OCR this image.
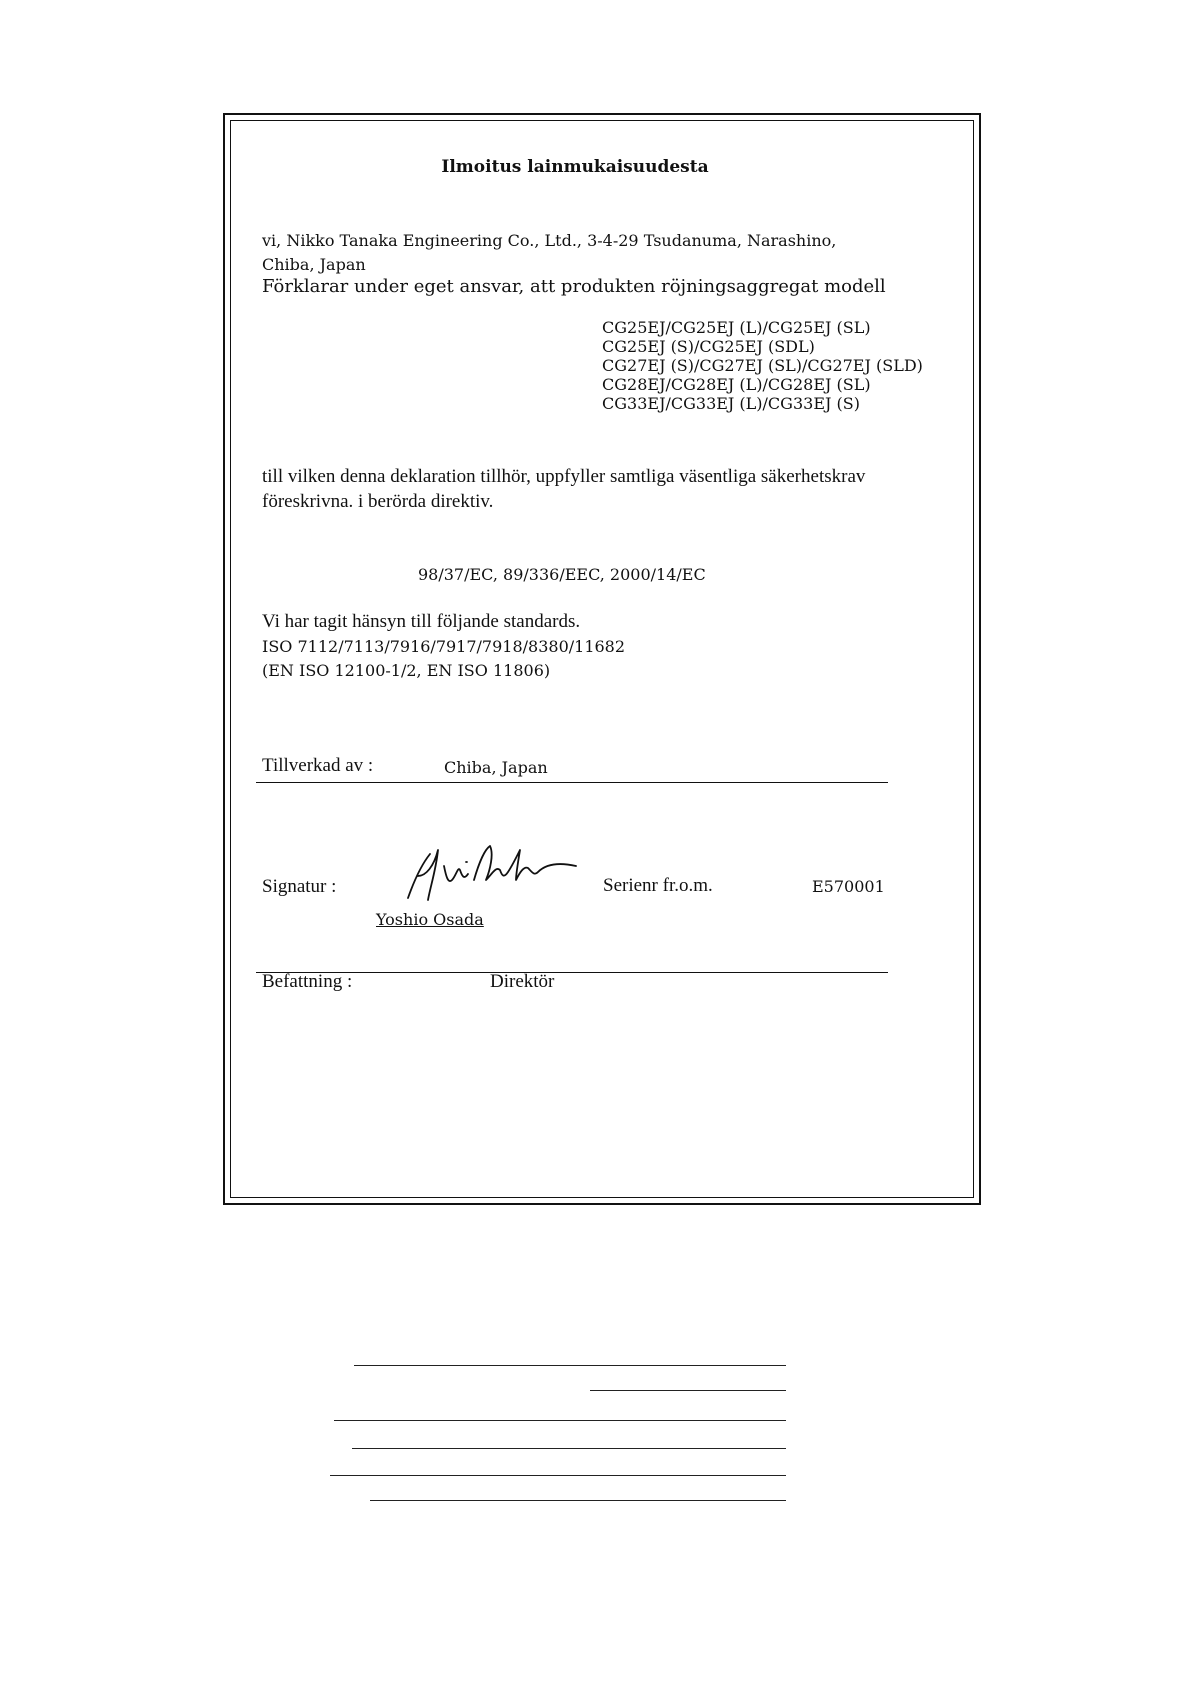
Ilmoitus lainmukaisuudesta
vi, Nikko Tanaka Engineering Co., Ltd., 3-4-29 Tsudanuma, Narashino,
Chiba, Japan
Förklarar under eget ansvar, att produkten röjningsaggregat modell
CG25EJ/CG25EJ (L)/CG25EJ (SL)
CG25EJ (S)/CG25EJ (SDL)
CG27EJ (S)/CG27EJ (SL)/CG27EJ (SLD)
CG28EJ/CG28EJ (L)/CG28EJ (SL)
CG33EJ/CG33EJ (L)/CG33EJ (S)
till vilken denna deklaration tillhör, uppfyller samtliga väsentliga säkerhetskrav
föreskrivna. i berörda direktiv.
98/37/EC, 89/336/EEC, 2000/14/EC
Vi har tagit hänsyn till följande standards.
ISO 7112/7113/7916/7917/7918/8380/11682
(EN ISO 12100-1/2, EN ISO 11806)
Tillverkad av :	Chiba, Japan
Signatur :	Serienr fr.o.m.	E570001
Yoshio Osada
Befattning :	Direktör
